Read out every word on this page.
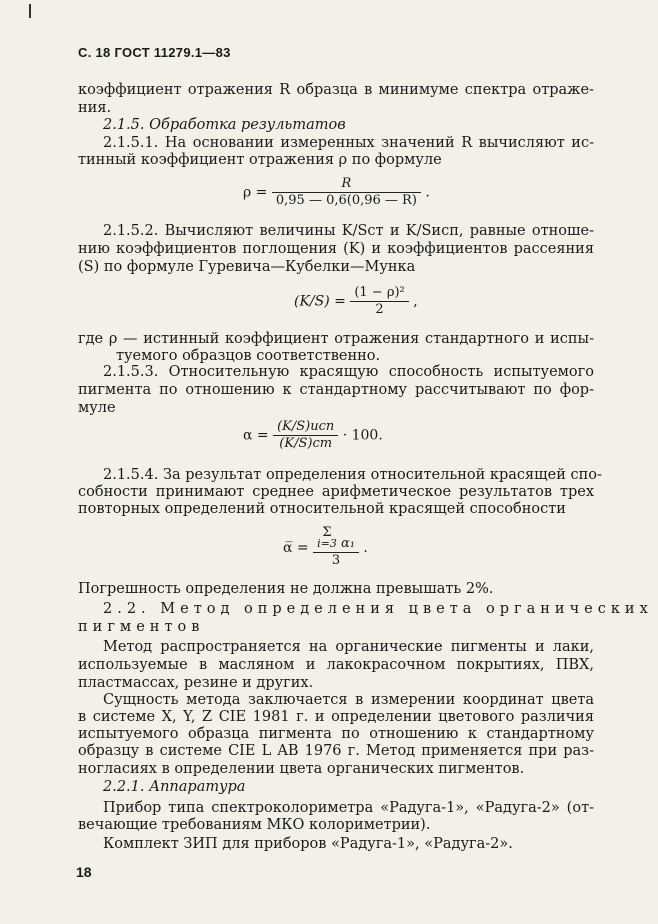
С. 18 ГОСТ 11279.1—83
коэффициент отражения R образца в минимуме спектра отраже-
ния.
2.1.5. Обработка результатов
2.1.5.1. На основании измеренных значений R вычисляют ис-
тинный коэффициент отражения ρ по формуле
$\rho = \frac{R}{0,95 — 0,6(0,96 — R)}$ .
2.1.5.2. Вычисляют величины K/Sст и K/Sисп, равные отноше-
нию коэффициентов поглощения (K) и коэффициентов рассеяния
(S) по формуле Гуревича—Кубелки—Мунка
$(K/S) = \frac{\text{(1 − ρ)²}}{2}$ ,
где ρ — истинный коэффициент отражения стандартного и испы-
туемого образцов соответственно.
2.1.5.3. Относительную красящую способность испытуемого
пигмента по отношению к стандартному рассчитывают по фор-
муле
$\alpha = \frac{\text{(K/S)исп}}{(K/S)ст} \cdot 100$.
2.1.5.4. За результат определения относительной красящей спо-
собности принимают среднее арифметическое результатов трех
повторных определений относительной красящей способности
α̅ =
Σ
i=3 α₁
3
.
Погрешность определения не должна превышать 2%.
2.2. Метод определения цвета органических
пигментов
Метод распространяется на органические пигменты и лаки,
используемые в масляном и лакокрасочном покрытиях, ПВХ,
пластмассах, резине и других.
Сущность метода заключается в измерении координат цвета
в системе X, Y, Z CIE 1981 г. и определении цветового различия
испытуемого образца пигмента по отношению к стандартному
образцу в системе CIE L AB 1976 г. Метод применяется при раз-
ногласиях в определении цвета органических пигментов.
2.2.1. Аппаратура
Прибор типа спектроколориметра «Радуга-1», «Радуга-2» (от-
вечающие требованиям МКО колориметрии).
Комплект ЗИП для приборов «Радуга-1», «Радуга-2».
18
